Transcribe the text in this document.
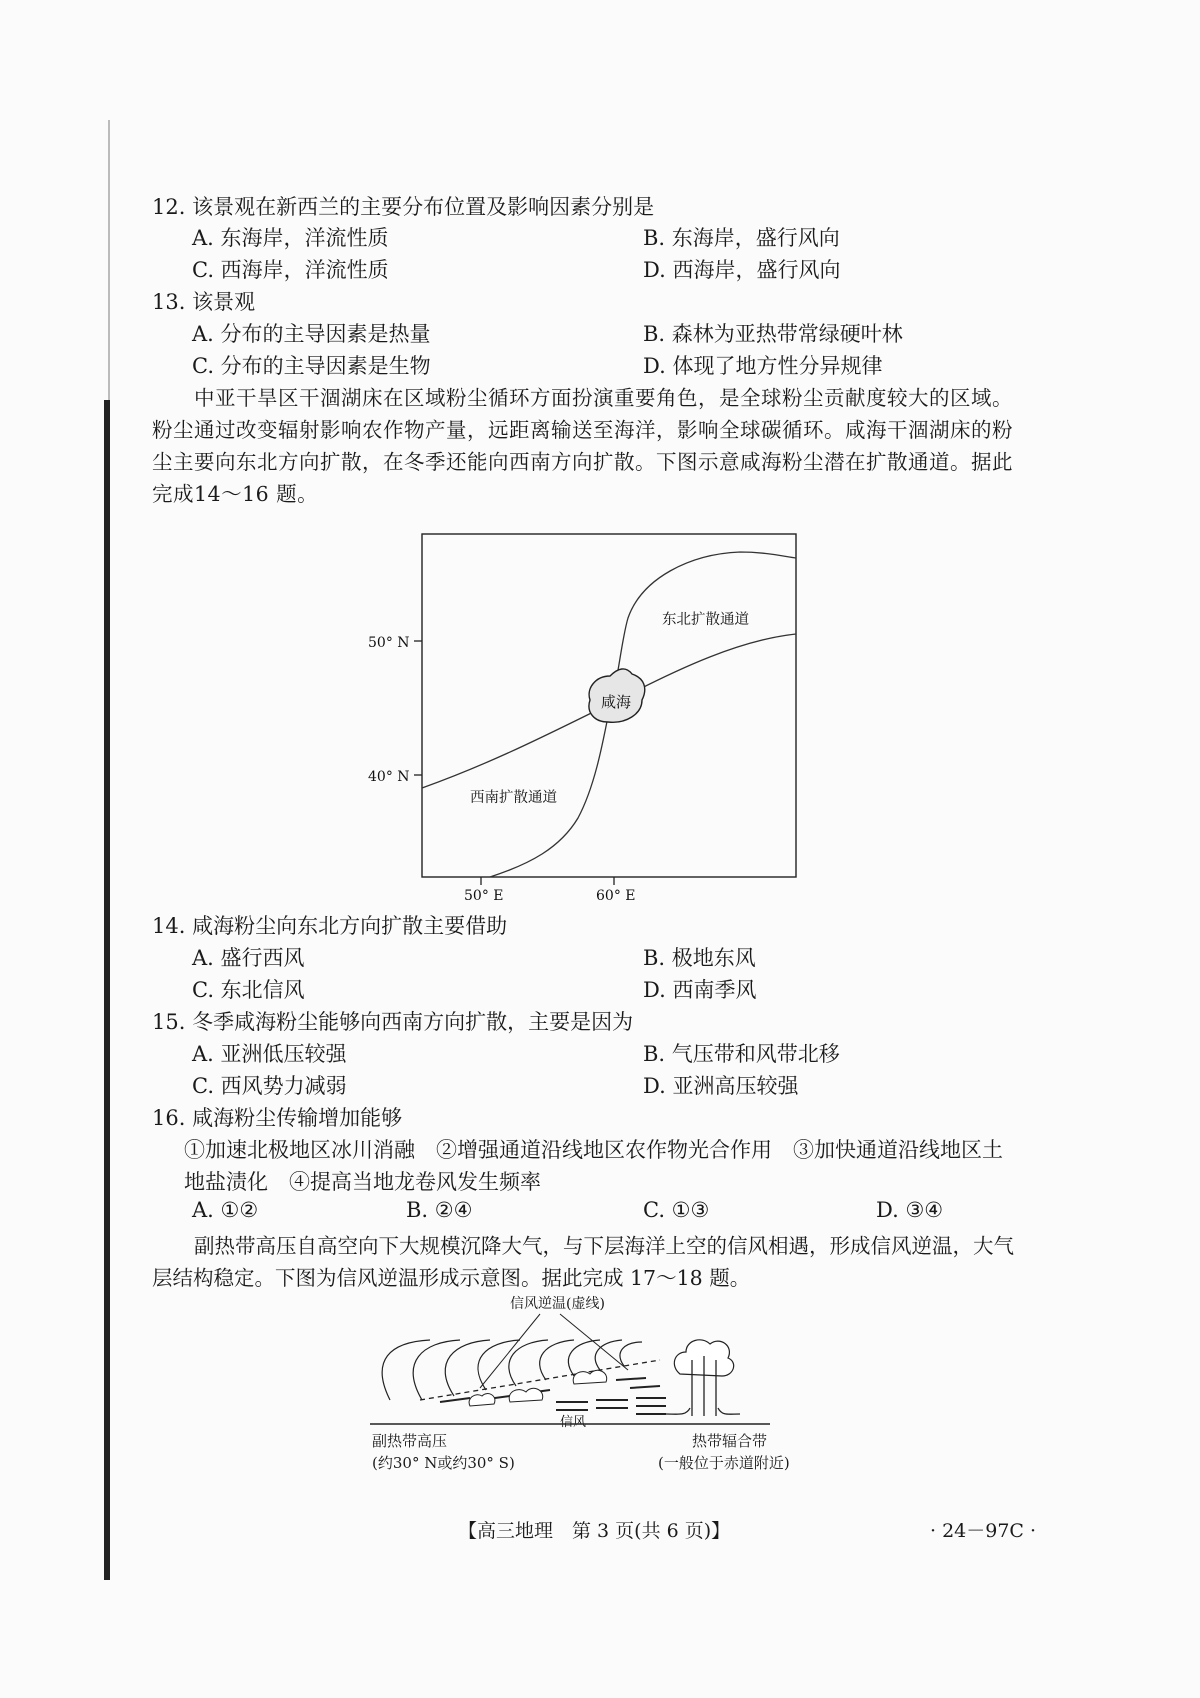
12. 该景观在新西兰的主要分布位置及影响因素分别是
A. 东海岸，洋流性质	B. 东海岸，盛行风向
C. 西海岸，洋流性质	D. 西海岸，盛行风向
13. 该景观
A. 分布的主导因素是热量	B. 森林为亚热带常绿硬叶林
C. 分布的主导因素是生物	D. 体现了地方性分异规律
中亚干旱区干涸湖床在区域粉尘循环方面扮演重要角色，是全球粉尘贡献度较大的区域。粉尘通过改变辐射影响农作物产量，远距离输送至海洋，影响全球碳循环。咸海干涸湖床的粉尘主要向东北方向扩散，在冬季还能向西南方向扩散。下图示意咸海粉尘潜在扩散通道。据此完成14～16 题。
咸海
50° N
40° N
50° E	60° E
东北扩散通道
西南扩散通道
14. 咸海粉尘向东北方向扩散主要借助
A. 盛行西风	B. 极地东风
C. 东北信风	D. 西南季风
15. 冬季咸海粉尘能够向西南方向扩散，主要是因为
A. 亚洲低压较强	B. 气压带和风带北移
C. 西风势力减弱	D. 亚洲高压较强
16. 咸海粉尘传输增加能够
①加速北极地区冰川消融　②增强通道沿线地区农作物光合作用　③加快通道沿线地区土
地盐渍化　④提高当地龙卷风发生频率
A. ①②	B. ②④	C. ①③	D. ③④
副热带高压自高空向下大规模沉降大气，与下层海洋上空的信风相遇，形成信风逆温，大气层结构稳定。下图为信风逆温形成示意图。据此完成 17～18 题。
信风逆温(虚线)
信风
副热带高压
(约30° N或约30° S)
热带辐合带
(一般位于赤道附近)
【高三地理　第 3 页(共 6 页)】	· 24－97C ·
